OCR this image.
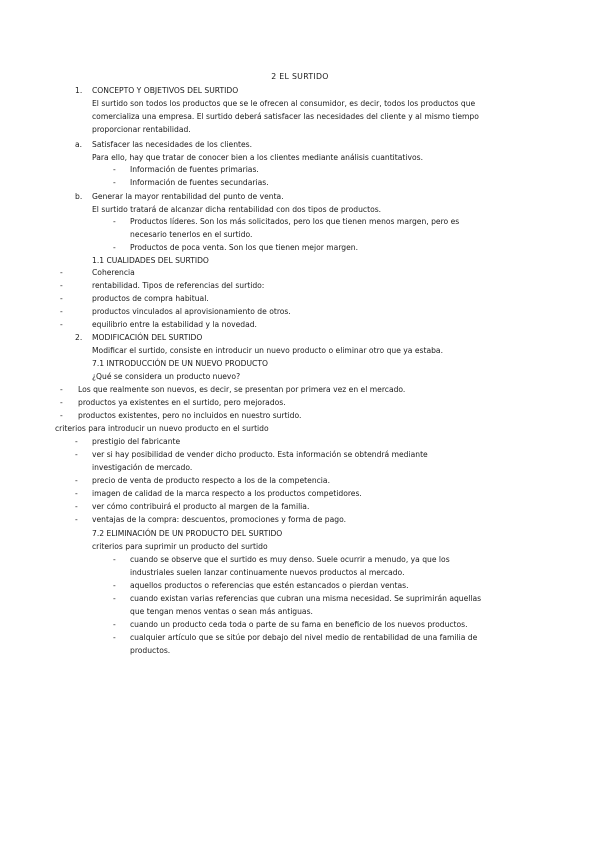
2 EL SURTIDO
1.
a.
-
-
b.
-
-
-
-
-
-
-
2.
-
-
-
-
-
-
-
-
-
-
-
-
-
-
CONCEPTO Y OBJETIVOS DEL SURTIDO
El surtido son todos los productos que se le ofrecen al consumidor, es decir, todos los productos que
comercializa una empresa. El surtido deberá satisfacer las necesidades del cliente y al mismo tiempo
proporcionar rentabilidad.
Satisfacer las necesidades de los clientes.
Para ello, hay que tratar de conocer bien a los clientes mediante análisis cuantitativos.
Información de fuentes primarias.
Información de fuentes secundarias.
Generar la mayor rentabilidad del punto de venta.
El surtido tratará de alcanzar dicha rentabilidad con dos tipos de productos.
Productos líderes. Son los más solicitados, pero los que tienen menos margen, pero es
necesario tenerlos en el surtido.
Productos de poca venta. Son los que tienen mejor margen.
1.1 CUALIDADES DEL SURTIDO
Coherencia
rentabilidad. Tipos de referencias del surtido:
productos de compra habitual.
productos vinculados al aprovisionamiento de otros.
equilibrio entre la estabilidad y la novedad.
MODIFICACIÓN DEL SURTIDO
Modificar el surtido, consiste en introducir un nuevo producto o eliminar otro que ya estaba.
7.1 INTRODUCCIÓN DE UN NUEVO PRODUCTO
¿Qué se considera un producto nuevo?
Los que realmente son nuevos, es decir, se presentan por primera vez en el mercado.
productos ya existentes en el surtido, pero mejorados.
productos existentes, pero no incluidos en nuestro surtido.
criterios para introducir un nuevo producto en el surtido
prestigio del fabricante
ver si hay posibilidad de vender dicho producto. Esta información se obtendrá mediante
investigación de mercado.
precio de venta de producto respecto a los de la competencia.
imagen de calidad de la marca respecto a los productos competidores.
ver cómo contribuirá el producto al margen de la familia.
ventajas de la compra: descuentos, promociones y forma de pago.
7.2 ELIMINACIÓN DE UN PRODUCTO DEL SURTIDO
criterios para suprimir un producto del surtido
cuando se observe que el surtido es muy denso. Suele ocurrir a menudo, ya que los
industriales suelen lanzar continuamente nuevos productos al mercado.
aquellos productos o referencias que estén estancados o pierdan ventas.
cuando existan varias referencias que cubran una misma necesidad. Se suprimirán aquellas
que tengan menos ventas o sean más antiguas.
cuando un producto ceda toda o parte de su fama en beneficio de los nuevos productos.
cualquier artículo que se sitúe por debajo del nivel medio de rentabilidad de una familia de
productos.
